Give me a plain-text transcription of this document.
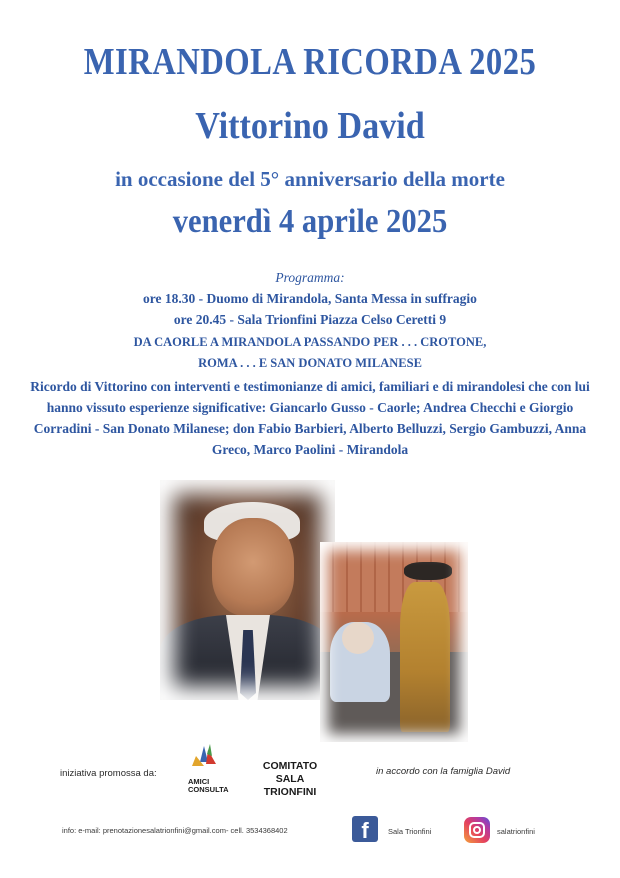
MIRANDOLA RICORDA 2025
Vittorino David
in occasione del 5° anniversario della morte
venerdì 4 aprile 2025
Programma:
ore 18.30 - Duomo di Mirandola, Santa Messa in suffragio
ore 20.45 - Sala Trionfini Piazza Celso Ceretti 9
DA CAORLE A MIRANDOLA PASSANDO PER . . . CROTONE,
ROMA . . . E SAN DONATO MILANESE
Ricordo di Vittorino con interventi e testimonianze di amici, familiari e di mirandolesi che con lui hanno vissuto esperienze significative: Giancarlo Gusso - Caorle; Andrea Checchi e Giorgio Corradini - San Donato Milanese; don Fabio Barbieri, Alberto Belluzzi, Sergio Gambuzzi, Anna Greco, Marco Paolini - Mirandola
iniziativa promossa da:
AMICI
CONSULTA
COMITATO
SALA TRIONFINI
in accordo con la famiglia David
info: e-mail: prenotazionesalatrionfini@gmail.com- cell. 3534368402	f	Sala Trionfini	salatrionfini
